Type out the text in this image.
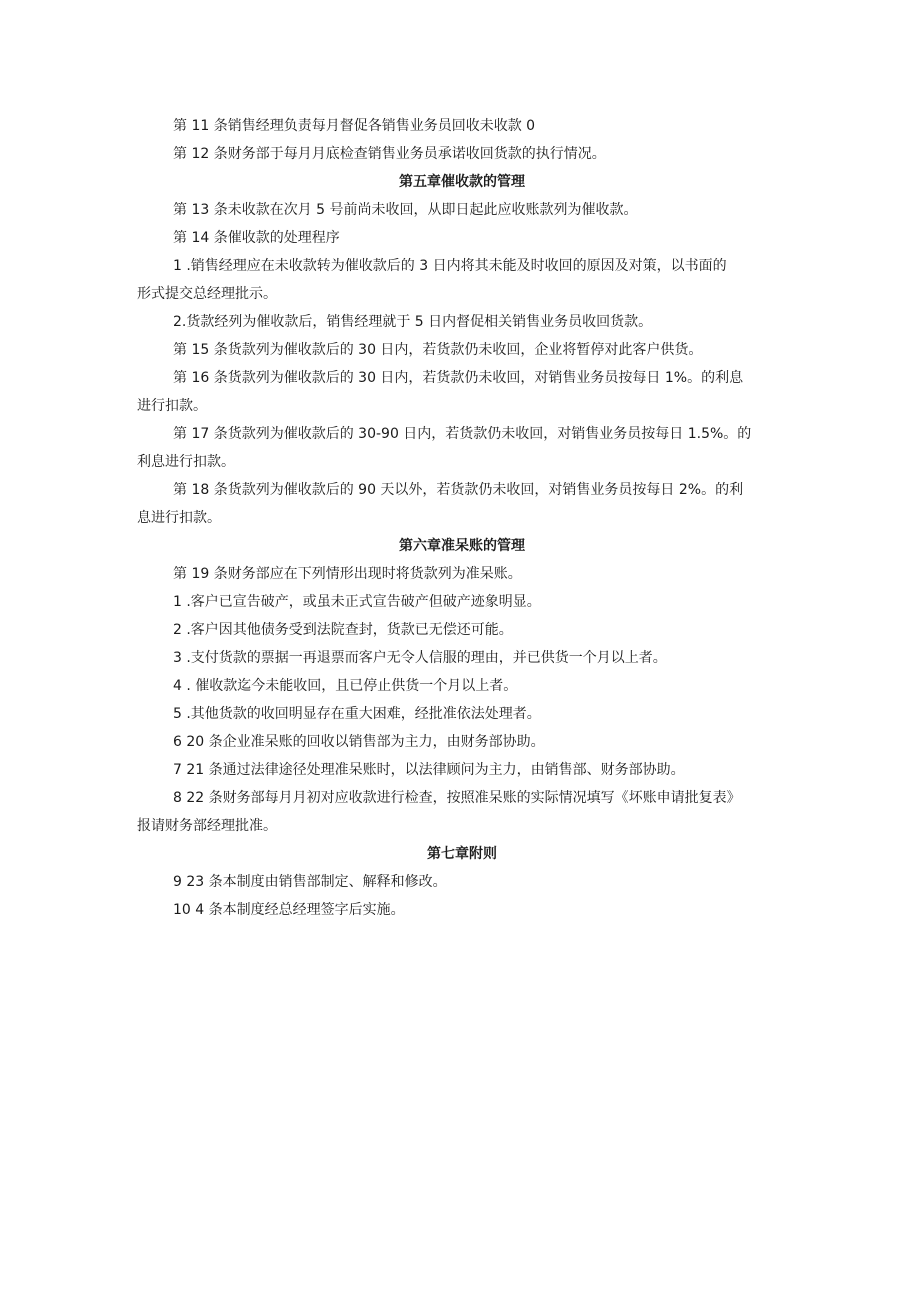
第 11 条销售经理负责每月督促各销售业务员回收未收款 0

第 12 条财务部于每月月底检查销售业务员承诺收回货款的执行情况。

第五章催收款的管理

第 13 条未收款在次月 5 号前尚未收回，从即日起此应收账款列为催收款。

第 14 条催收款的处理程序

1 .销售经理应在未收款转为催收款后的 3 日内将其未能及时收回的原因及对策，以书面的

形式提交总经理批示。

2.货款经列为催收款后，销售经理就于 5 日内督促相关销售业务员收回货款。

第 15 条货款列为催收款后的 30 日内，若货款仍未收回，企业将暂停对此客户供货。

第 16 条货款列为催收款后的 30 日内，若货款仍未收回，对销售业务员按每日 1%。的利息

进行扣款。

第 17 条货款列为催收款后的 30-90 日内，若货款仍未收回，对销售业务员按每日 1.5%。的

利息进行扣款。

第 18 条货款列为催收款后的 90 天以外，若货款仍未收回，对销售业务员按每日 2%。的利

息进行扣款。

第六章准呆账的管理

第 19 条财务部应在下列情形出现时将货款列为准呆账。

1 .客户已宣告破产，或虽未正式宣告破产但破产迹象明显。

2 .客户因其他债务受到法院查封，货款已无偿还可能。

3 .支付货款的票据一再退票而客户无令人信服的理由，并已供货一个月以上者。

4 . 催收款迄今未能收回，且已停止供货一个月以上者。

5 .其他货款的收回明显存在重大困难，经批准依法处理者。

6 20 条企业准呆账的回收以销售部为主力，由财务部协助。

7 21 条通过法律途径处理准呆账时，以法律顾问为主力，由销售部、财务部协助。

8 22 条财务部每月月初对应收款进行检查，按照准呆账的实际情况填写《坏账申请批复表》

报请财务部经理批准。

第七章附则

9 23 条本制度由销售部制定、解释和修改。

10 4 条本制度经总经理签字后实施。
